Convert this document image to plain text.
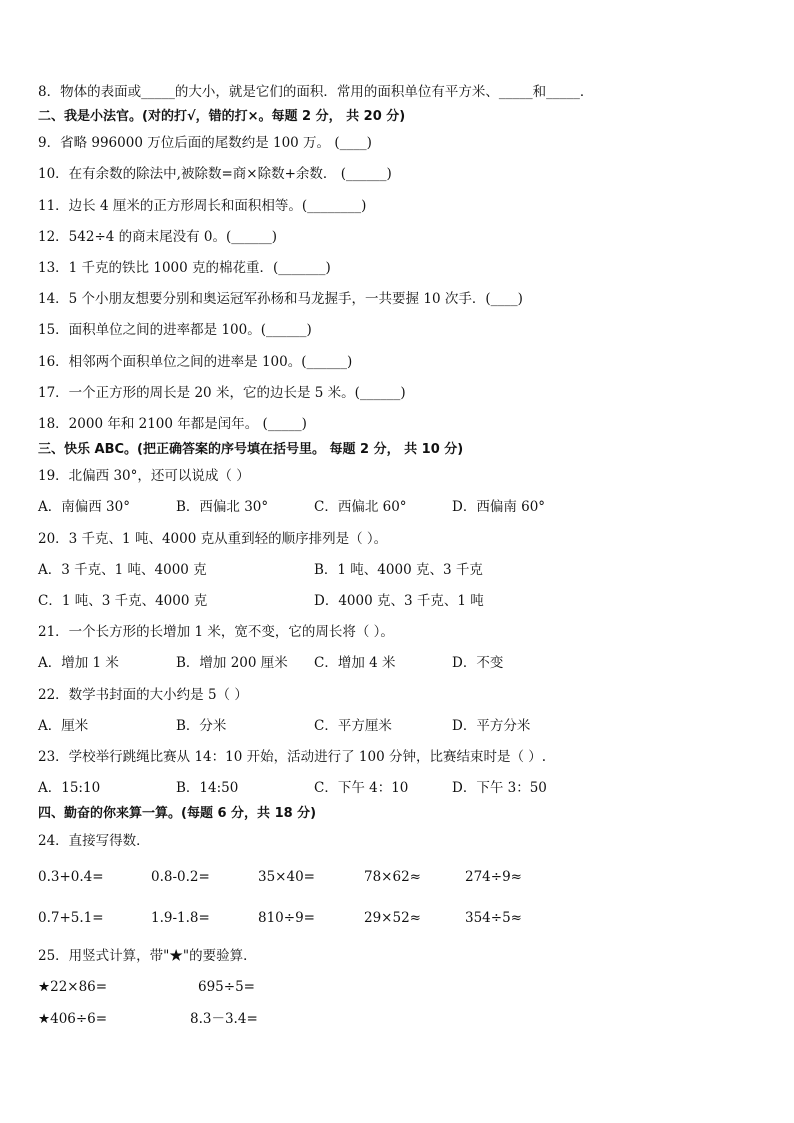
8．物体的表面或_____的大小，就是它们的面积．常用的面积单位有平方米、_____和_____．
二、我是小法官。(对的打√，错的打×。每题 2 分， 共 20 分)
9．省略 996000 万位后面的尾数约是 100 万。 (____)
10．在有余数的除法中,被除数=商×除数+余数． (______)
11．边长 4 厘米的正方形周长和面积相等。(________)
12．542÷4 的商末尾没有 0。(______)
13．1 千克的铁比 1000 克的棉花重．(_______)
14．5 个小朋友想要分别和奥运冠军孙杨和马龙握手，一共要握 10 次手．(____)
15．面积单位之间的进率都是 100。(______)
16．相邻两个面积单位之间的进率是 100。(______)
17．一个正方形的周长是 20 米，它的边长是 5 米。(______)
18．2000 年和 2100 年都是闰年。 (_____)
三、快乐 ABC。(把正确答案的序号填在括号里。 每题 2 分， 共 10 分)
19．北偏西 30°，还可以说成（ ）
A．南偏西 30°	B．西偏北 30°	C．西偏北 60°	D．西偏南 60°
20．3 千克、1 吨、4000 克从重到轻的顺序排列是（ ）。
A．3 千克、1 吨、4000 克	B．1 吨、4000 克、3 千克
C．1 吨、3 千克、4000 克	D．4000 克、3 千克、1 吨
21．一个长方形的长增加 1 米，宽不变，它的周长将（ ）。
A．增加 1 米	B．增加 200 厘米 C．增加 4 米	D．不变
22．数学书封面的大小约是 5（ ）
A．厘米	B．分米	C．平方厘米	D．平方分米
23．学校举行跳绳比赛从 14：10 开始，活动进行了 100 分钟，比赛结束时是（ ）.
A．15:10	B．14:50	C．下午 4：10	D．下午 3：50
四、勤奋的你来算一算。(每题 6 分，共 18 分)
24．直接写得数．
0.3+0.4=	0.8-0.2=	35×40=	78×62≈	274÷9≈
0.7+5.1=	1.9-1.8=	810÷9=	29×52≈	354÷5≈
25．用竖式计算，带"★"的要验算．
★22×86=	695÷5=
★406÷6=	8.3－3.4=
